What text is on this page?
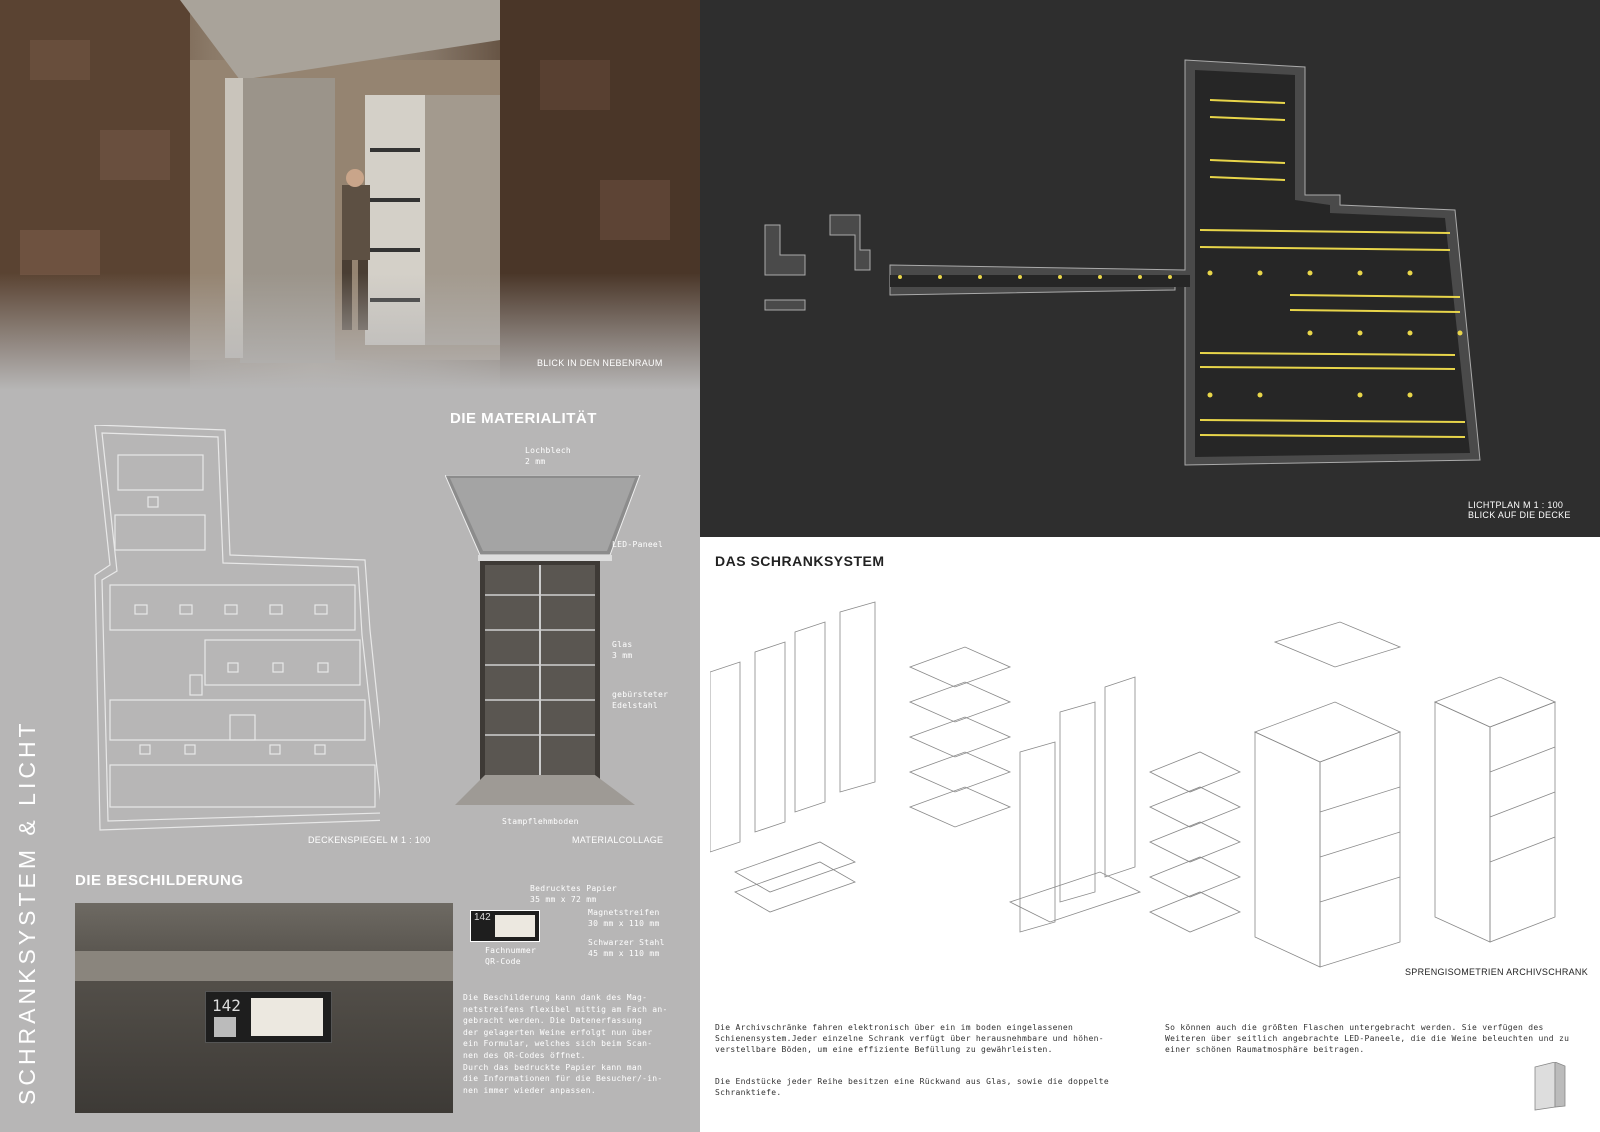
BLICK IN DEN NEBENRAUM
SCHRANKSYSTEM & LICHT	DECKENSPIEGEL M 1 : 100
DIE MATERIALITÄT
Lochblech
2 mm
LED-Paneel
Glas
3 mm
gebürsteter
Edelstahl
Stampflehmboden
MATERIALCOLLAGE
DIE BESCHILDERUNG
142
142
Bedrucktes Papier
35 mm x 72 mm
Magnetstreifen
30 mm x 110 mm
Fachnummer
QR-Code
Schwarzer Stahl
45 mm x 110 mm
Die Beschilderung kann dank des Mag-
netstreifens flexibel mittig am Fach an-
gebracht werden. Die Datenerfassung
der gelagerten Weine erfolgt nun über
ein Formular, welches sich beim Scan-
nen des QR-Codes öffnet.
Durch das bedruckte Papier kann man
die Informationen für die Besucher/-in-
nen immer wieder anpassen.
LICHTPLAN M 1 : 100
BLICK AUF DIE DECKE
DAS SCHRANKSYSTEM
SPRENGISOMETRIEN ARCHIVSCHRANK
Die Archivschränke fahren elektronisch über ein im boden eingelassenen
Schienensystem.Jeder einzelne Schrank verfügt über herausnehmbare und höhen-
verstellbare Böden, um eine effiziente Befüllung zu gewährleisten.
Die Endstücke jeder Reihe besitzen eine Rückwand aus Glas, sowie die doppelte
Schranktiefe.
So können auch die größten Flaschen untergebracht werden. Sie verfügen des
Weiteren über seitlich angebrachte LED-Paneele, die die Weine beleuchten und zu
einer schönen Raumatmosphäre beitragen.
